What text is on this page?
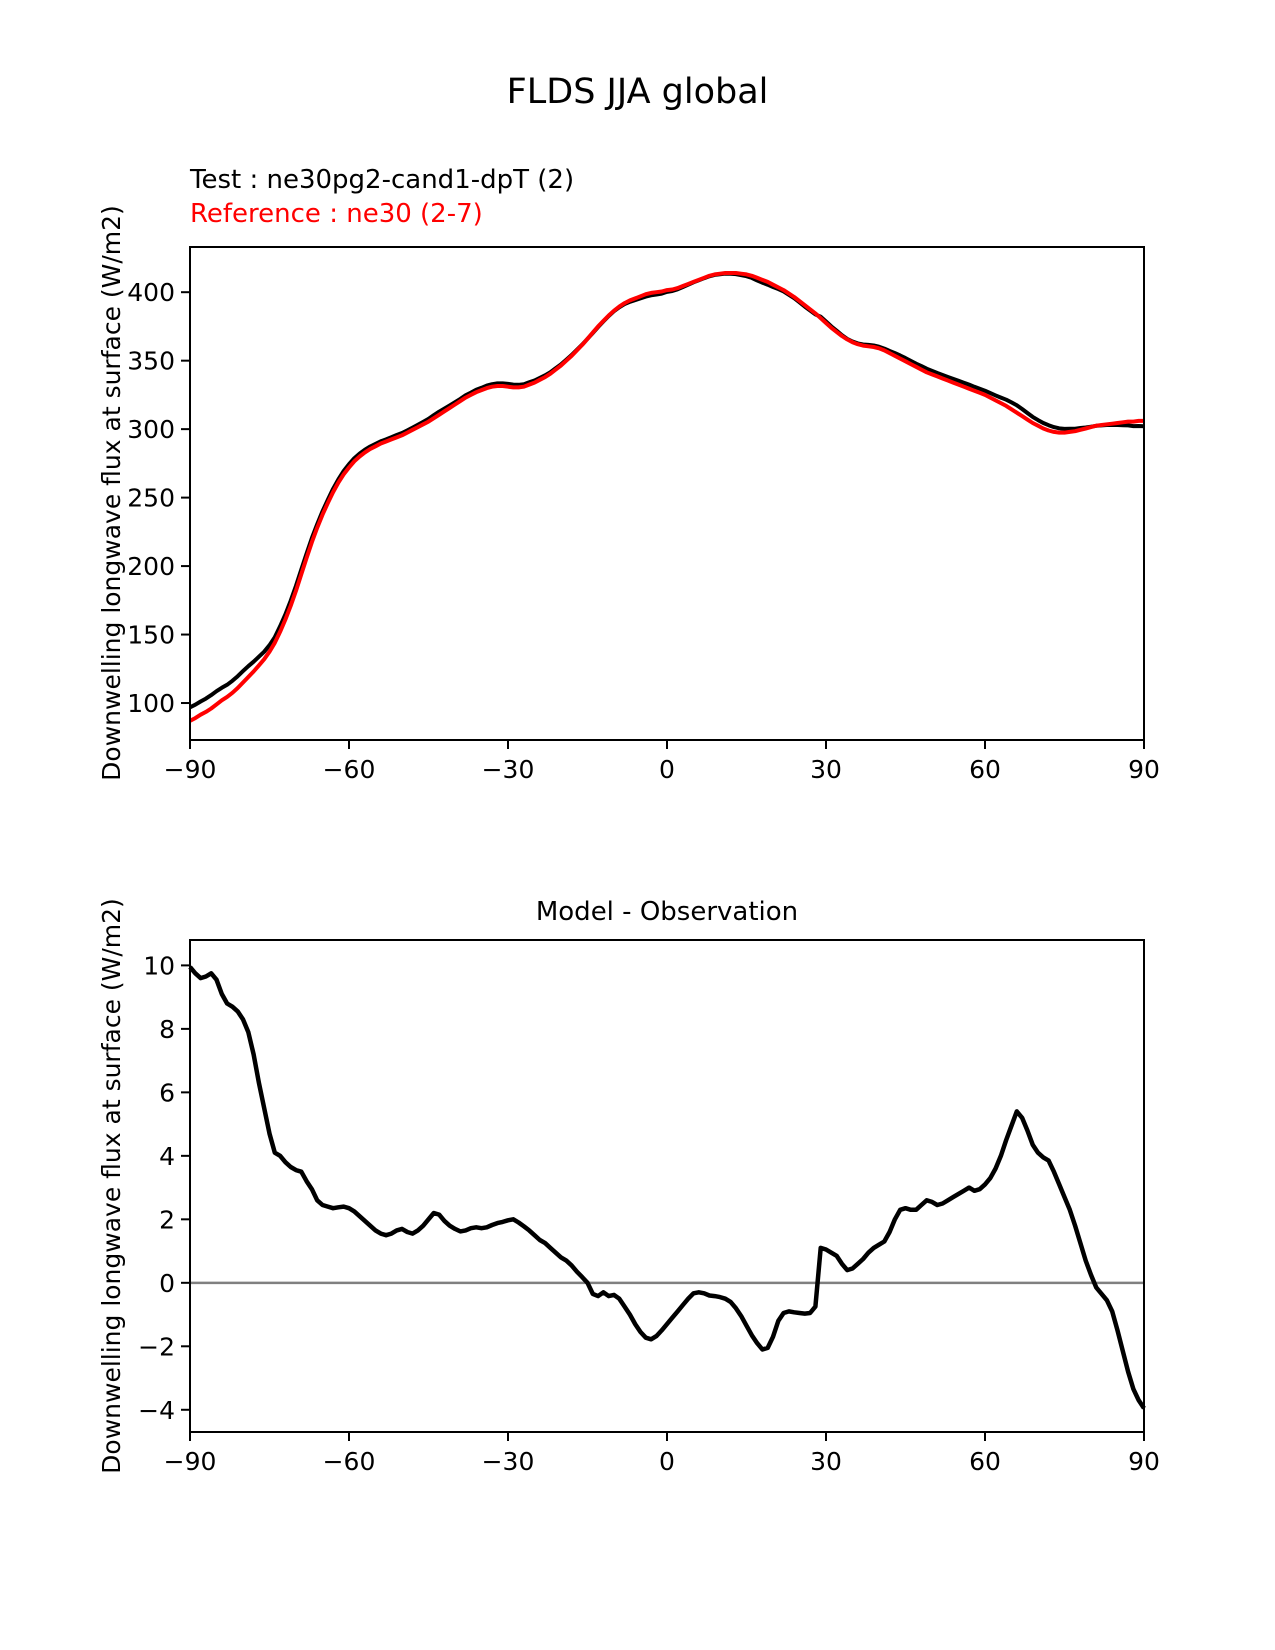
FLDS JJA global
Test : ne30pg2-cand1-dpT (2)
Reference : ne30 (2-7)
Downwelling longwave flux at surface (W/m2) −90	−60	−30	0	30	60	90
100
150
200
250
300
350
400
Model - Observation
Downwelling longwave flux at surface (W/m2) −90	−60	−30	0	30	60	90
−4
−2
0
2
4
6
8
10
